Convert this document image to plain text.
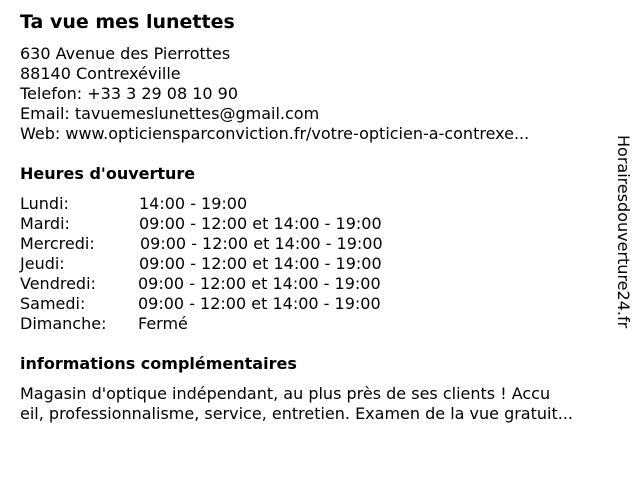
Ta vue mes lunettes
630 Avenue des Pierrottes
88140 Contrexéville
Telefon: +33 3 29 08 10 90
Email: tavuemeslunettes@gmail.com
Web: www.opticiensparconviction.fr/votre-opticien-a-contrexe...
Heures d'ouverture
Lundi:	14:00 - 19:00
Mardi:	09:00 - 12:00 et 14:00 - 19:00
Mercredi:	09:00 - 12:00 et 14:00 - 19:00
Jeudi:	09:00 - 12:00 et 14:00 - 19:00
Vendredi:	09:00 - 12:00 et 14:00 - 19:00
Samedi:	09:00 - 12:00 et 14:00 - 19:00
Dimanche: Fermé
informations complémentaires
Magasin d'optique indépendant, au plus près de ses clients ! Accu
eil, professionnalisme, service, entretien. Examen de la vue gratuit...
Horairesdouverture24.fr
